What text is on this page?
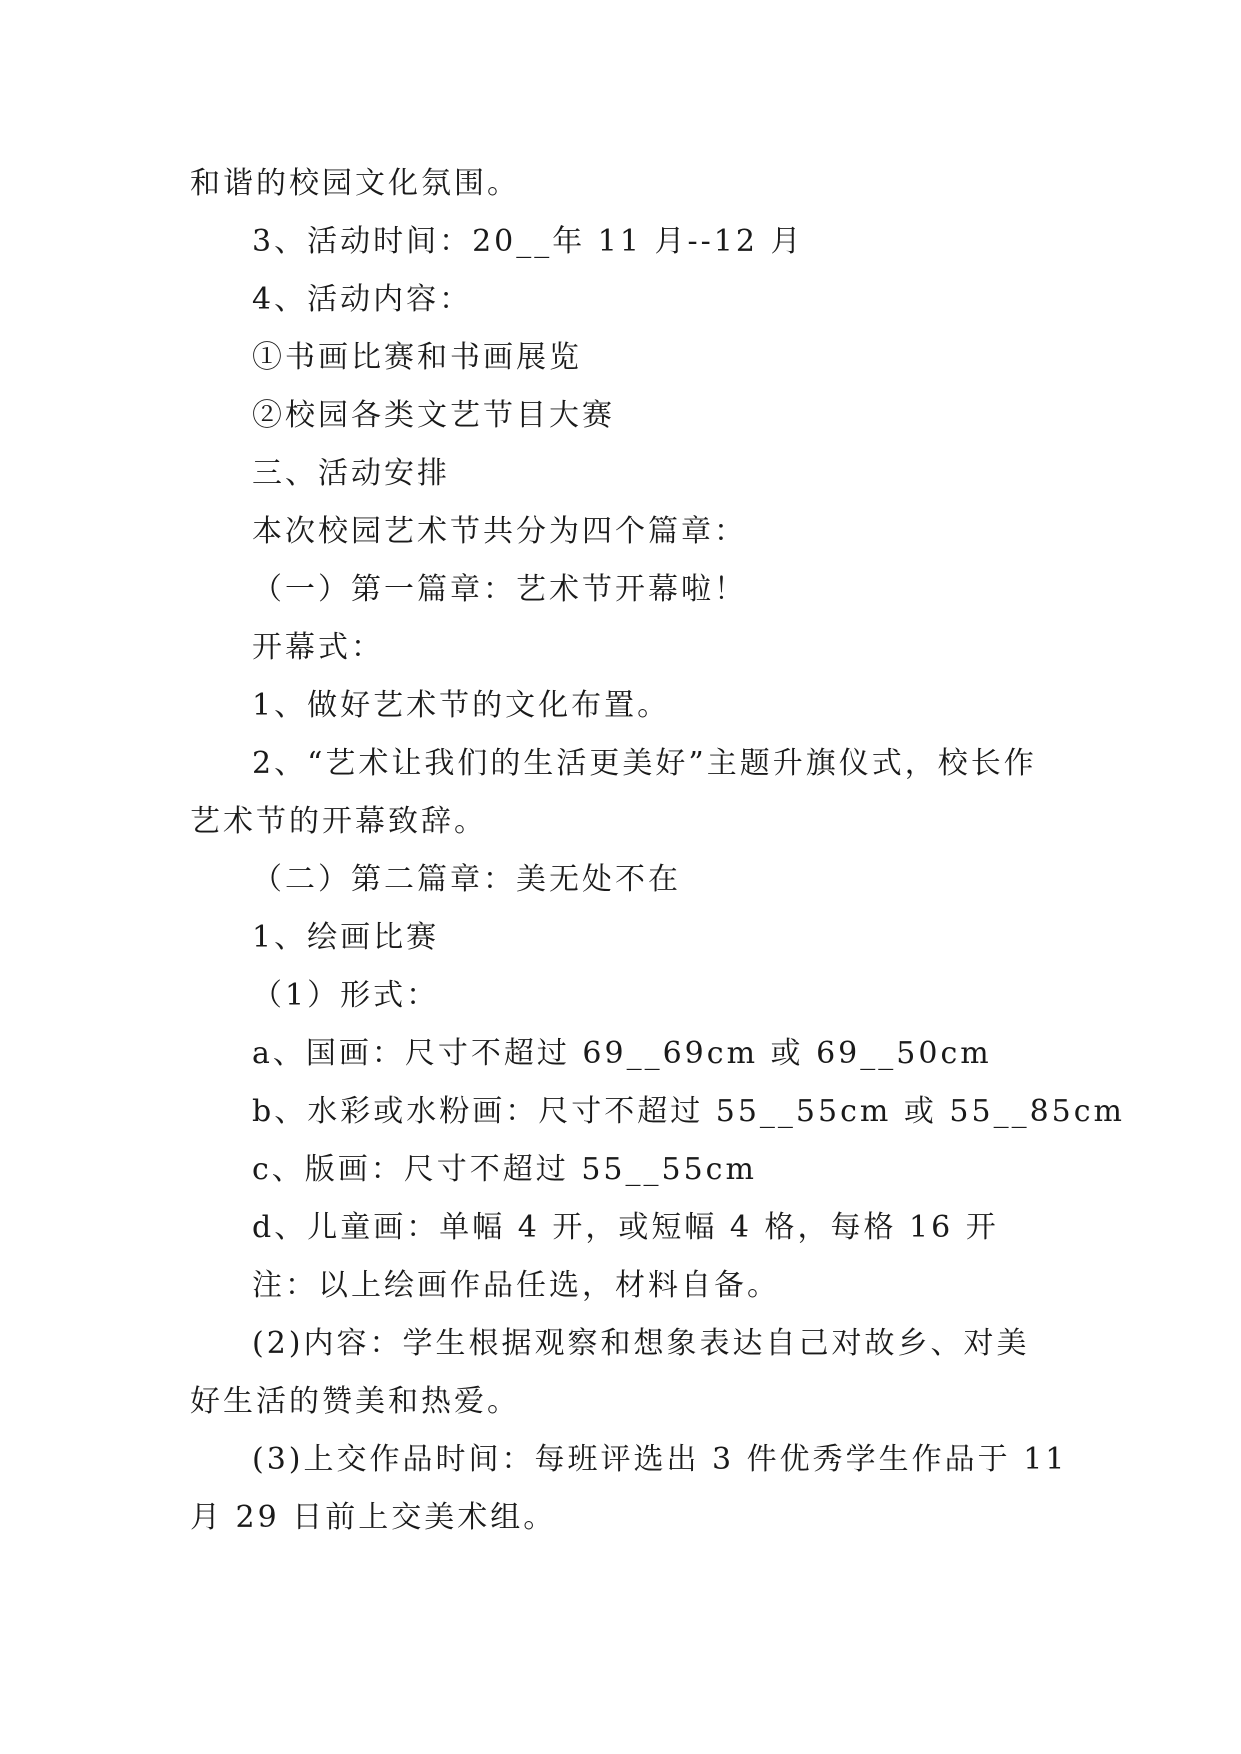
和谐的校园文化氛围。
3、活动时间：20__年 11 月--12 月
4、活动内容：
①书画比赛和书画展览
②校园各类文艺节目大赛
三、活动安排
本次校园艺术节共分为四个篇章：
（一）第一篇章：艺术节开幕啦！
开幕式：
1、做好艺术节的文化布置。
2、“艺术让我们的生活更美好”主题升旗仪式，校长作
艺术节的开幕致辞。
（二）第二篇章：美无处不在
1、绘画比赛
（1）形式：
a、国画：尺寸不超过 69__69cm 或 69__50cm
b、水彩或水粉画：尺寸不超过 55__55cm 或 55__85cm
c、版画：尺寸不超过 55__55cm
d、儿童画：单幅 4 开，或短幅 4 格，每格 16 开
注：以上绘画作品任选，材料自备。
(2)内容：学生根据观察和想象表达自己对故乡、对美
好生活的赞美和热爱。
(3)上交作品时间：每班评选出 3 件优秀学生作品于 11
月 29 日前上交美术组。
